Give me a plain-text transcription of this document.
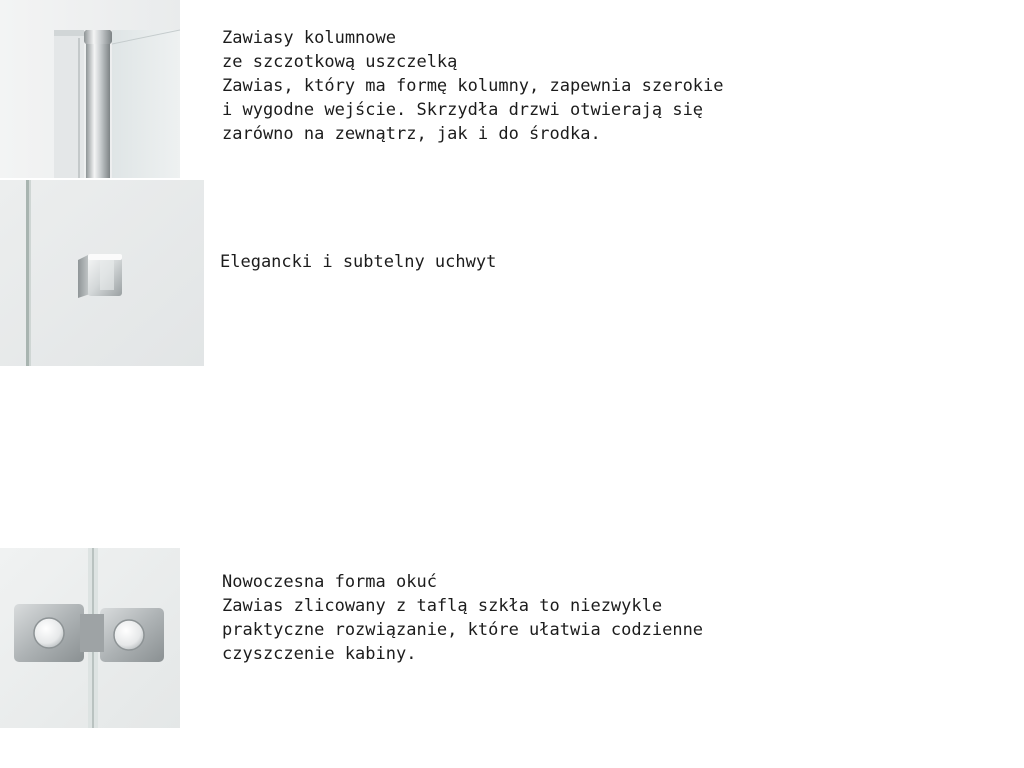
Zawiasy kolumnowe
ze szczotkową uszczelką
Zawias, który ma formę kolumny, zapewnia szerokie
i wygodne wejście. Skrzydła drzwi otwierają się
zarówno na zewnątrz, jak i do środka.
Elegancki i subtelny uchwyt
Nowoczesna forma okuć
Zawias zlicowany z taflą szkła to niezwykle
praktyczne rozwiązanie, które ułatwia codzienne
czyszczenie kabiny.
